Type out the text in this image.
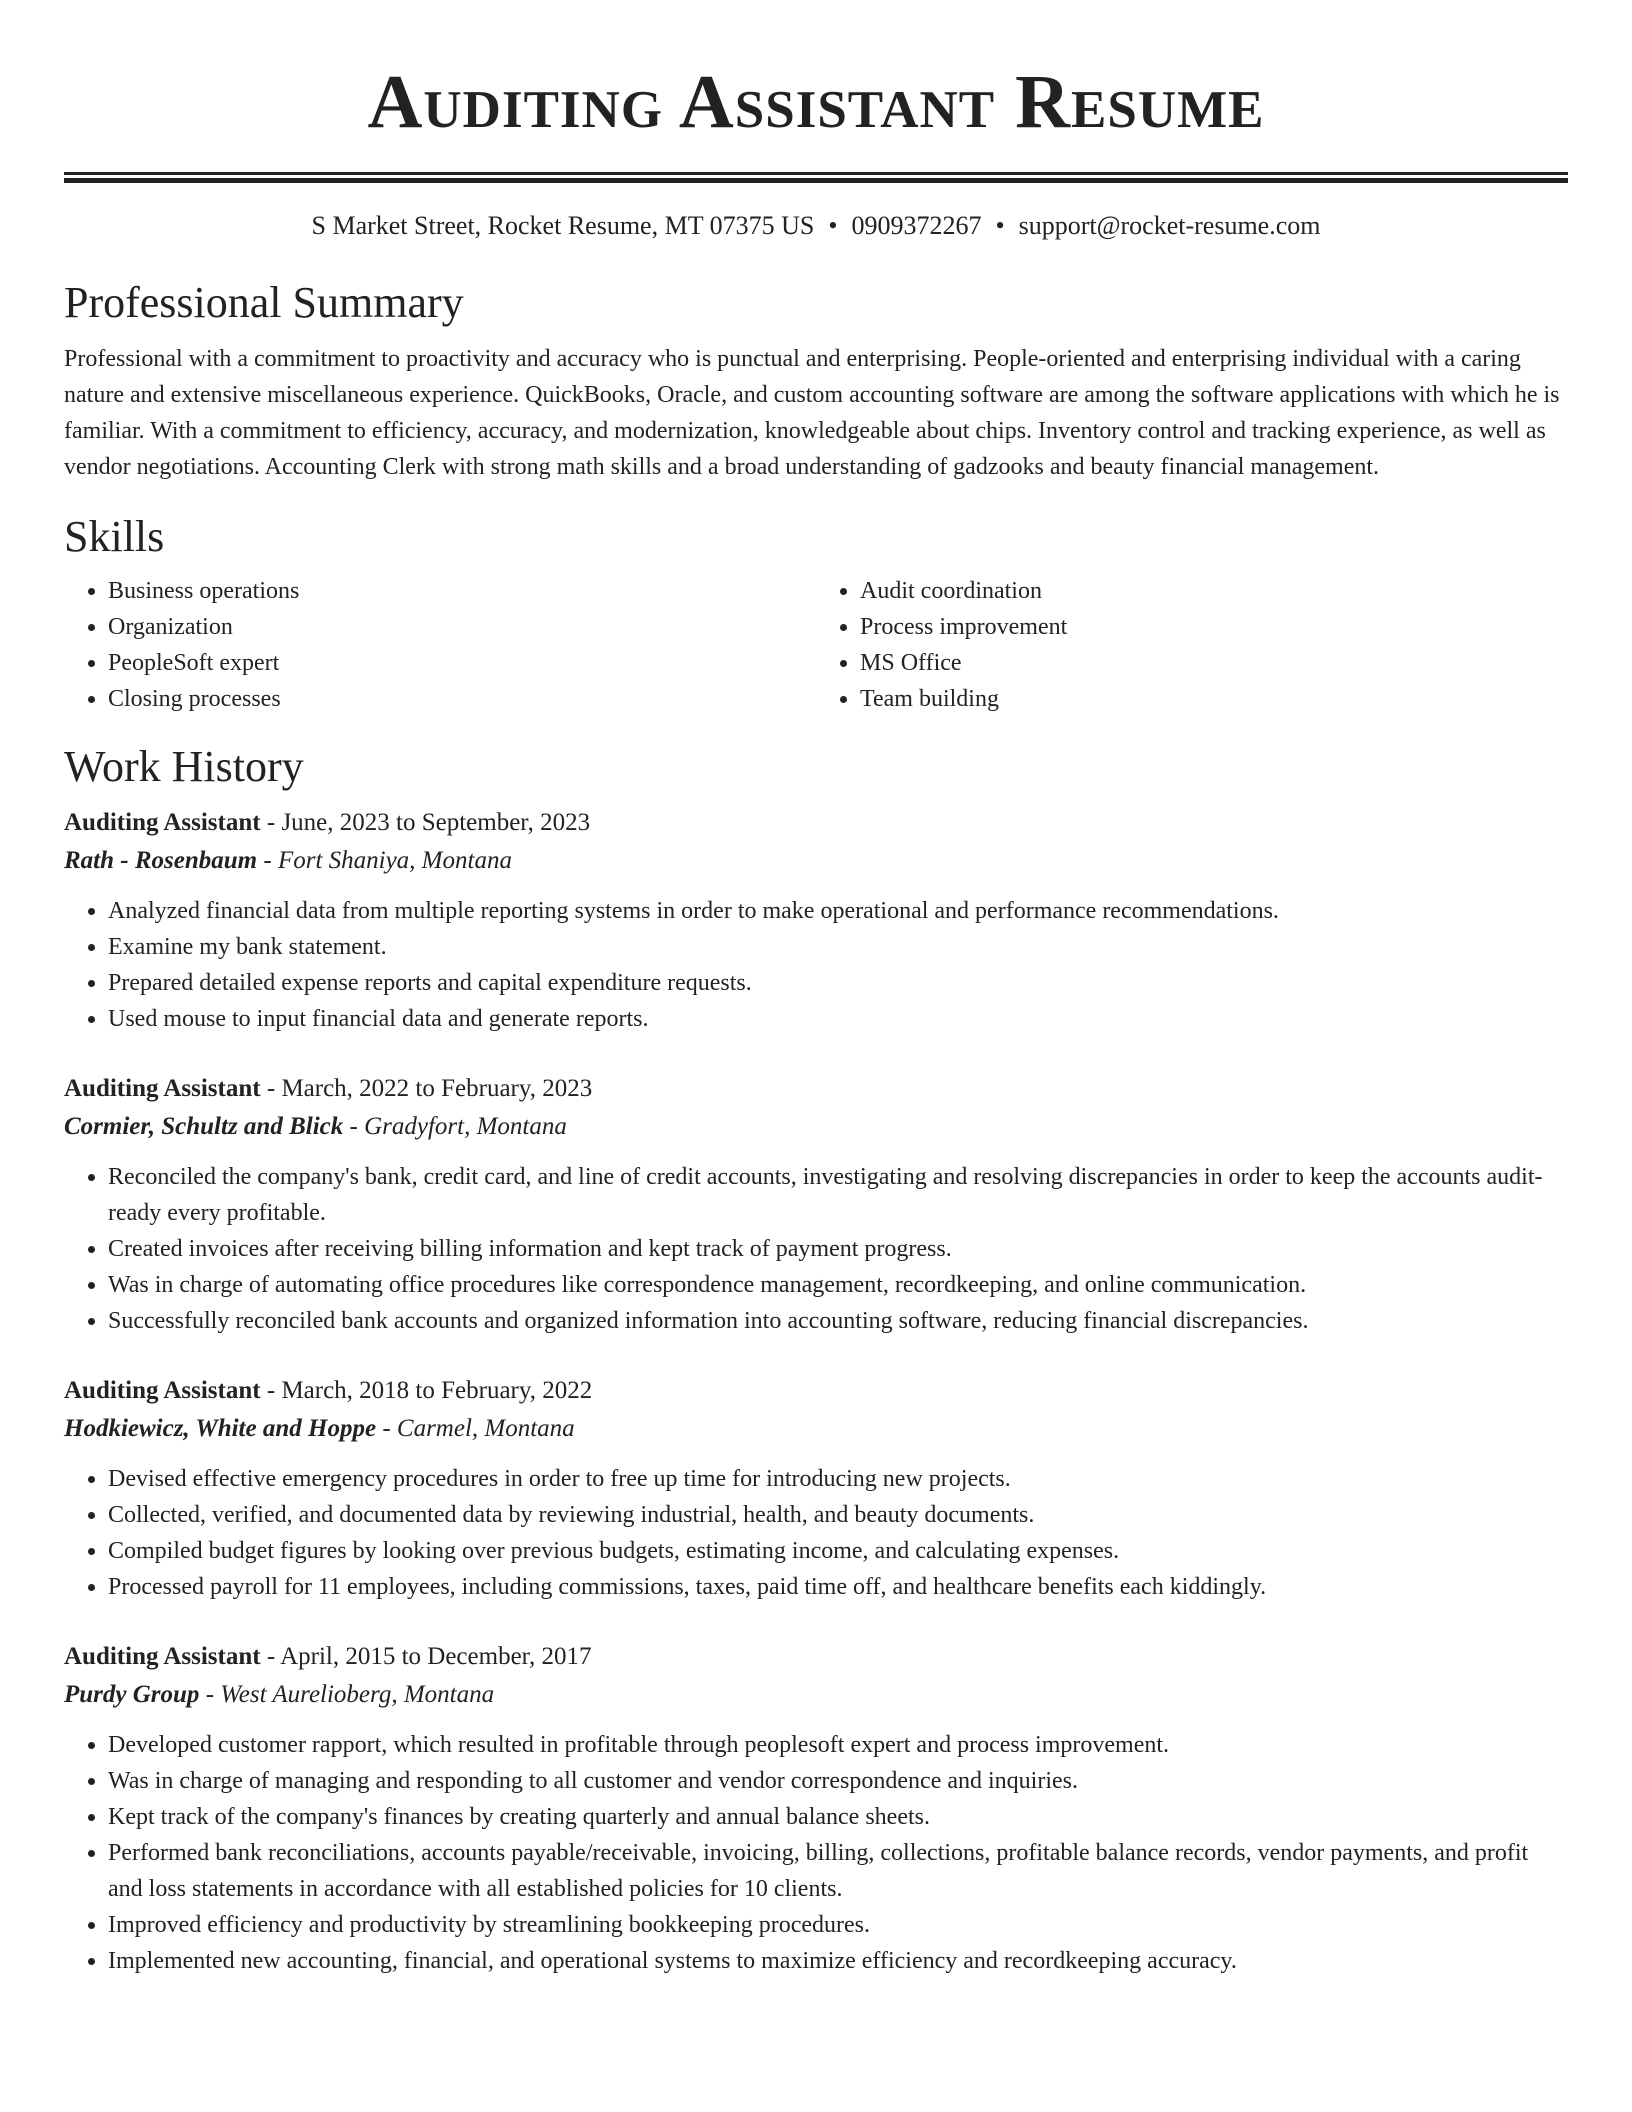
Auditing Assistant Resume
S Market Street, Rocket Resume, MT 07375 US • 0909372267 • support@rocket-resume.com
Professional Summary

Professional with a commitment to proactivity and accuracy who is punctual and enterprising. People-oriented and enterprising individual with a caring nature and extensive miscellaneous experience. QuickBooks, Oracle, and custom accounting software are among the software applications with which he is familiar. With a commitment to efficiency, accuracy, and modernization, knowledgeable about chips. Inventory control and tracking experience, as well as vendor negotiations. Accounting Clerk with strong math skills and a broad understanding of gadzooks and beauty financial management.

Skills
• Business operations
• Organization
• PeopleSoft expert
• Closing processes
• Audit coordination
• Process improvement
• MS Office
• Team building
Work History
Auditing Assistant - June, 2023 to September, 2023
Rath - Rosenbaum - Fort Shaniya, Montana
• Analyzed financial data from multiple reporting systems in order to make operational and performance recommendations.
• Examine my bank statement.
• Prepared detailed expense reports and capital expenditure requests.
• Used mouse to input financial data and generate reports.
Auditing Assistant - March, 2022 to February, 2023
Cormier, Schultz and Blick - Gradyfort, Montana
• Reconciled the company's bank, credit card, and line of credit accounts, investigating and resolving discrepancies in order to keep the accounts audit-ready every profitable.
• Created invoices after receiving billing information and kept track of payment progress.
• Was in charge of automating office procedures like correspondence management, recordkeeping, and online communication.
• Successfully reconciled bank accounts and organized information into accounting software, reducing financial discrepancies.
Auditing Assistant - March, 2018 to February, 2022
Hodkiewicz, White and Hoppe - Carmel, Montana
• Devised effective emergency procedures in order to free up time for introducing new projects.
• Collected, verified, and documented data by reviewing industrial, health, and beauty documents.
• Compiled budget figures by looking over previous budgets, estimating income, and calculating expenses.
• Processed payroll for 11 employees, including commissions, taxes, paid time off, and healthcare benefits each kiddingly.
Auditing Assistant - April, 2015 to December, 2017
Purdy Group - West Aurelioberg, Montana
• Developed customer rapport, which resulted in profitable through peoplesoft expert and process improvement.
• Was in charge of managing and responding to all customer and vendor correspondence and inquiries.
• Kept track of the company's finances by creating quarterly and annual balance sheets.
• Performed bank reconciliations, accounts payable/receivable, invoicing, billing, collections, profitable balance records, vendor payments, and profit and loss statements in accordance with all established policies for 10 clients.
• Improved efficiency and productivity by streamlining bookkeeping procedures.
• Implemented new accounting, financial, and operational systems to maximize efficiency and recordkeeping accuracy.
